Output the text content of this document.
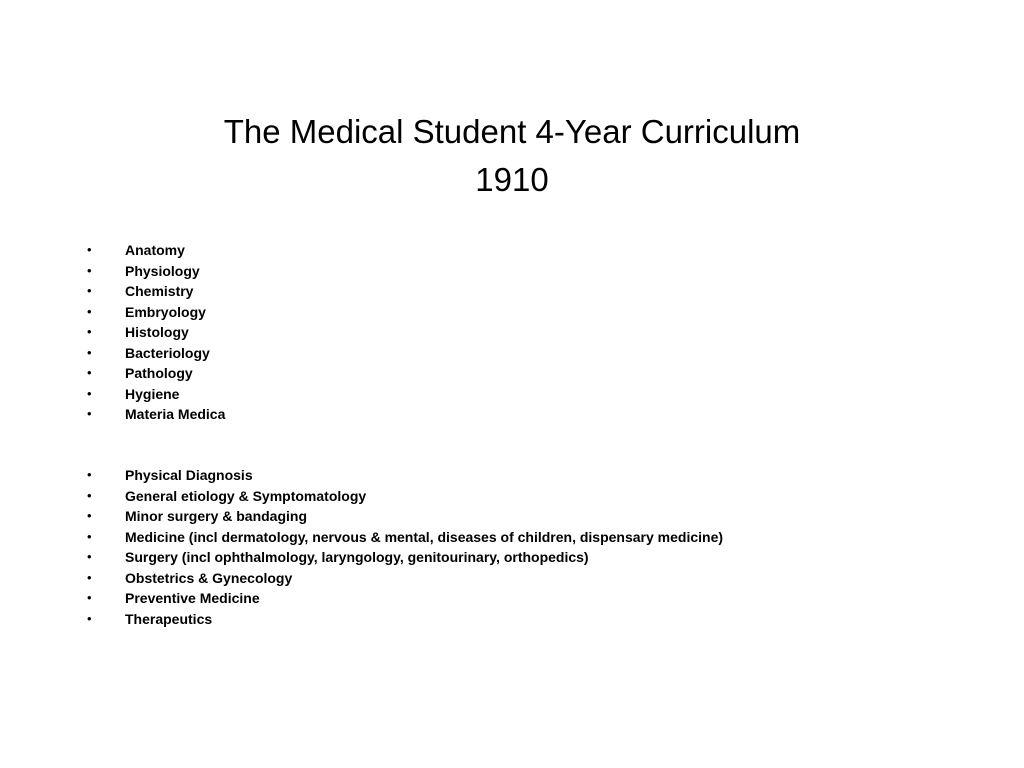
The Medical Student 4-Year Curriculum
1910
• Anatomy
• Physiology
• Chemistry
• Embryology
• Histology
• Bacteriology
• Pathology
• Hygiene
• Materia Medica
• Physical Diagnosis
• General etiology & Symptomatology
• Minor surgery & bandaging
• Medicine (incl dermatology, nervous & mental, diseases of children, dispensary medicine)
• Surgery (incl ophthalmology, laryngology, genitourinary, orthopedics)
• Obstetrics & Gynecology
• Preventive Medicine
• Therapeutics
